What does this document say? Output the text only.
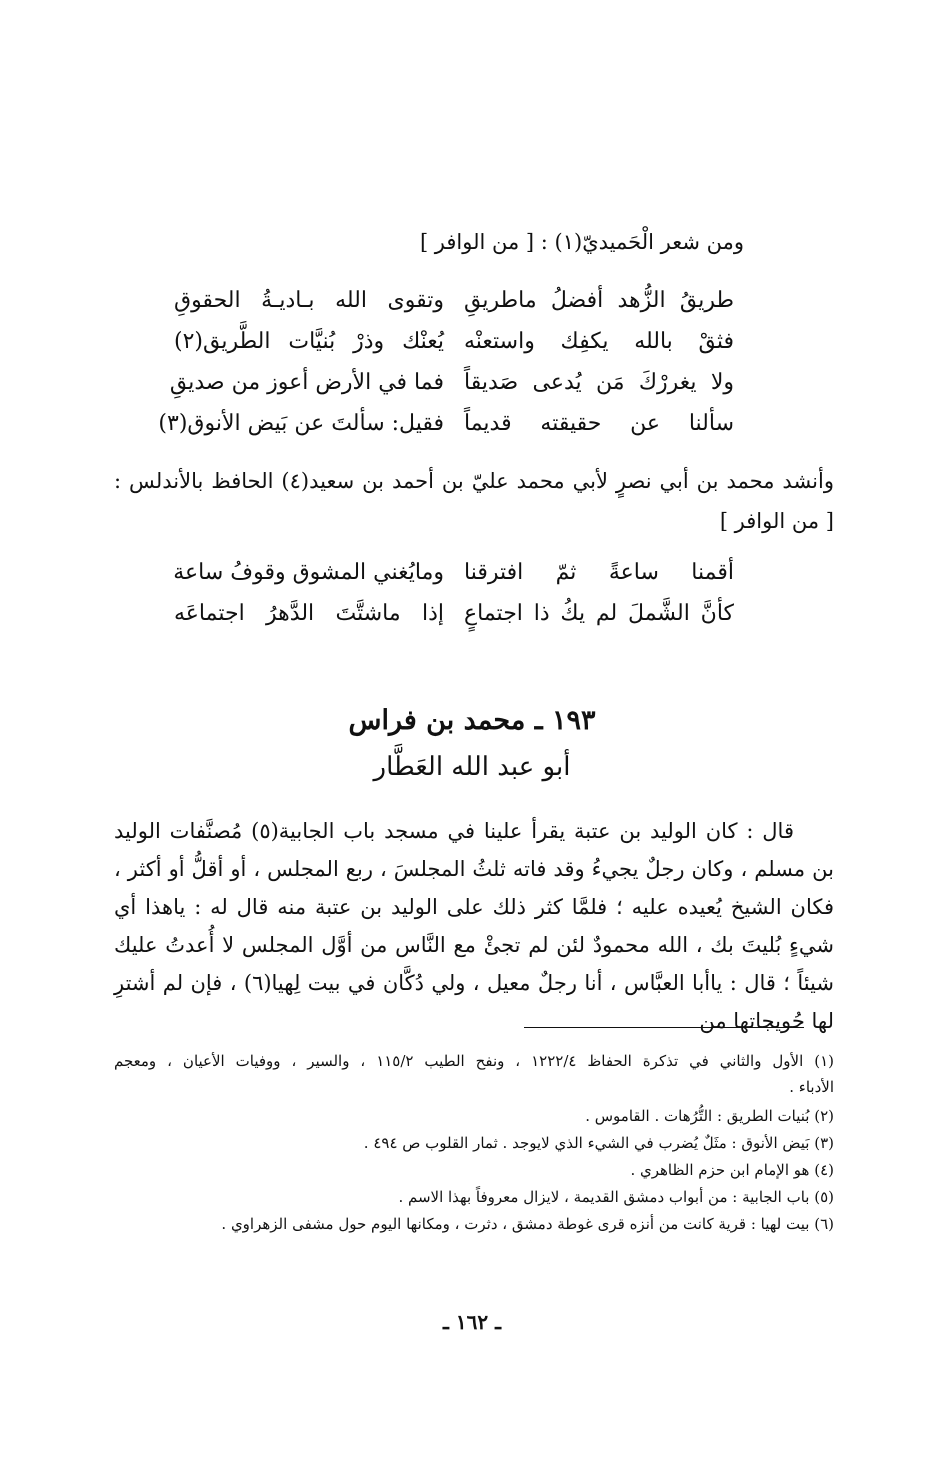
ومن شعر الْحَميديّ(١) : [ من الوافر ]
طريقُ الزُّهد أفضلُ ماطريقِ
وتقوى الله بـاديـةُ الحقوقِ
فثقْ بالله يكفِك واستعنْه
يُعنْك وذرْ بُنيَّات الطَّريق(٢)
ولا يغررْكَ مَن يُدعى صَديقاً
فما في الأرض أعوز من صديقِ
سألنا عن حقيقته قديماً
فقيل: سألتَ عن بَيض الأنوق(٣)
وأنشد محمد بن أبي نصرٍ لأبي محمد عليّ بن أحمد بن سعيد(٤) الحافظ بالأندلس :
[ من الوافر ]
أقمنا ساعةً ثمّ افترقنا
ومايُغني المشوق وقوفُ ساعة
كأنَّ الشَّملَ لم يكُ ذا اجتماعٍ
إذا ماشتَّتَ الدَّهرُ اجتماعَه
١٩٣ ـ محمد بن فراس
أبو عبد الله العَطَّار
قال : كان الوليد بن عتبة يقرأ علينا في مسجد باب الجابية(٥) مُصنَّفات الوليد بن مسلم ، وكان رجلٌ يجيءُ وقد فاته ثلثُ المجلسَ ، ربع المجلس ، أو أقلُّ أو أكثر ، فكان الشيخ يُعيده عليه ؛ فلمَّا كثر ذلك على الوليد بن عتبة منه قال له : ياهذا أي شيءٍ بُليتَ بك ، الله محمودٌ لئن لم تجئْ مع النَّاس من أوَّل المجلس لا أُعدتُ عليك شيئاً ؛ قال : ياأبا العبَّاس ، أنا رجلٌ معيل ، ولي دُكَّان في بيت لِهيا(٦) ، فإن لم أشترِ لها حُويجاتها من
(١) الأول والثاني في تذكرة الحفاظ ١٢٢٢/٤ ، ونفح الطيب ١١٥/٢ ، والسير ، ووفيات الأعيان ، ومعجم
الأدباء .
(٢) بُنيات الطريق : التُّرُهات . القاموس .
(٣) بَيض الأنوق : مثَلٌ يُضرب في الشيء الذي لايوجد . ثمار القلوب ص ٤٩٤ .
(٤) هو الإمام ابن حزم الظاهري .
(٥) باب الجابية : من أبواب دمشق القديمة ، لايزال معروفاً بهذا الاسم .
(٦) بيت لهيا : قرية كانت من أنزه قرى غوطة دمشق ، دثرت ، ومكانها اليوم حول مشفى الزهراوي .
ـ ١٦٢ ـ
